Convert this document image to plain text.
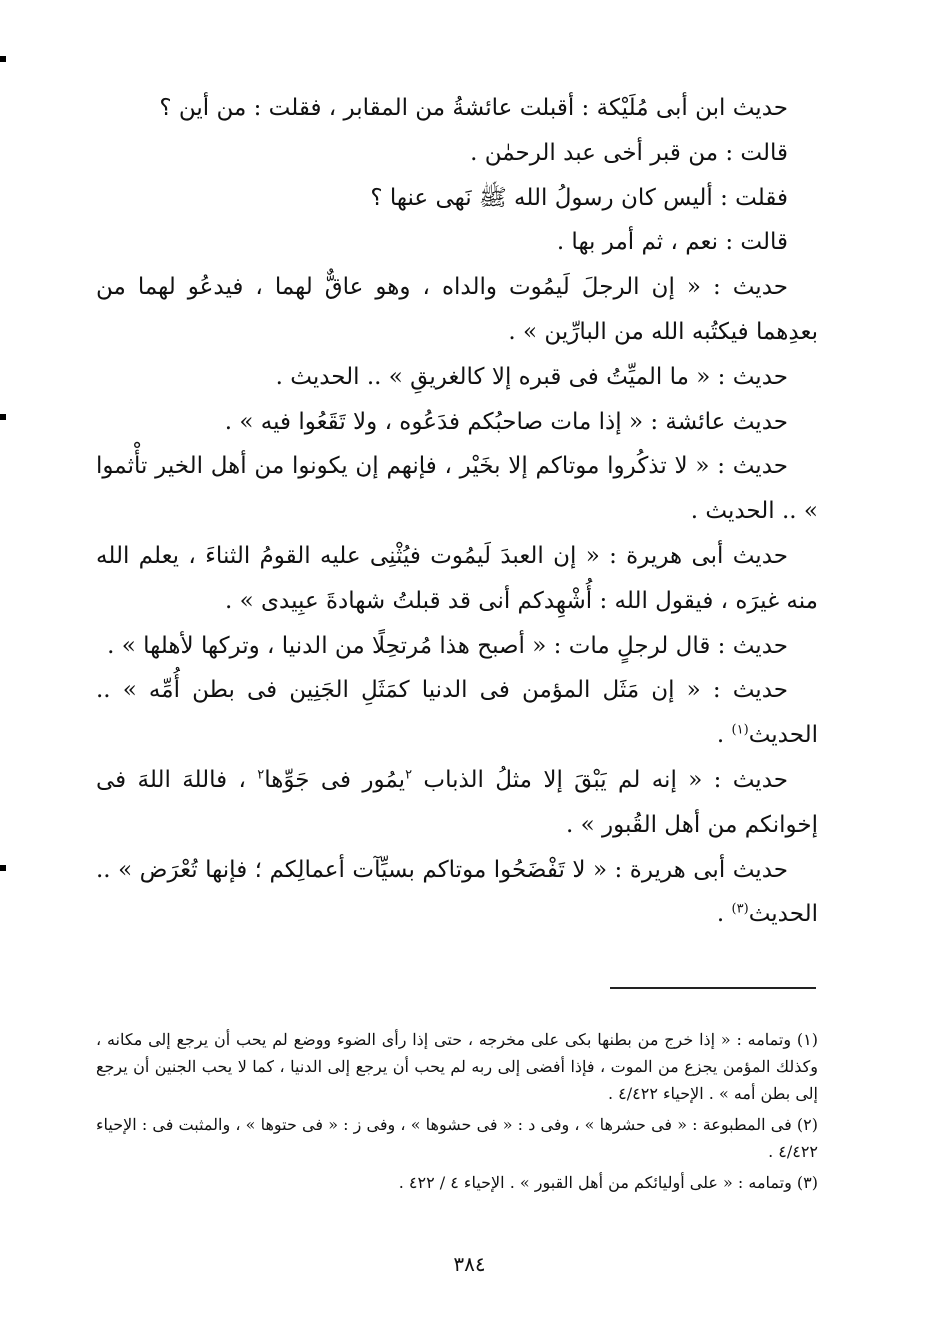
حديث ابن أبى مُلَيْكة : أقبلت عائشةُ من المقابر ، فقلت : من أين ؟

قالت : من قبر أخى عبد الرحمٰن .

فقلت : أليس كان رسولُ الله ﷺ نَهى عنها ؟

قالت : نعم ، ثم أمر بها .

حديث : « إن الرجلَ لَيمُوت والداه ، وهو عاقٌّ لهما ، فيدعُو لهما من بعدِهما فيكتُبه الله من البارِّين » .

حديث : « ما الميِّتُ فى قبره إلا كالغريقِ » .. الحديث .

حديث عائشة : « إذا مات صاحبُكم فدَعُوه ، ولا تَقَعُوا فيه » .

حديث : « لا تذكُروا موتاكم إلا بخَيْر ، فإنهم إن يكونوا من أهل الخير تأْثموا » .. الحديث .

حديث أبى هريرة : « إن العبدَ لَيمُوت فيُثْنِى عليه القومُ الثناءَ ، يعلم الله منه غيرَه ، فيقول الله : أُشْهِدكم أنى قد قبلتُ شهادةَ عبِيدى » .

حديث : قال لرجلٍ مات : « أصبح هذا مُرتحِلًا من الدنيا ، وتركها لأهلها » .

حديث : « إن مَثَل المؤمن فى الدنيا كمَثَلِ الجَنِين فى بطن أُمِّه » .. الحديث$^{(١)}$ .

حديث : « إنه لم يَبْقَ إلا مثلُ الذباب $^٢$يمُور فى جَوِّها$^٢$ ، فاللهَ اللهَ فى إخوانكم من أهل القُبور » .

حديث أبى هريرة : « لا تَفْضَحُوا موتاكم بسيِّآت أعمالِكم ؛ فإنها تُعْرَض » .. الحديث$^{(٣)}$ .

(١) وتمامه : « إذا خرج من بطنها بكى على مخرجه ، حتى إذا رأى الضوء ووضع لم يحب أن يرجع إلى مكانه ، وكذلك المؤمن يجزع من الموت ، فإذا أفضى إلى ربه لم يحب أن يرجع إلى الدنيا ، كما لا يحب الجنين أن يرجع إلى بطن أمه » . الإحياء ٤/٤٢٢ .

(٢) فى المطبوعة : « فى حشرها » ، وفى د : « فى حشوها » ، وفى ز : « فى حتوها » ، والمثبت فى : الإحياء ٤/٤٢٢ .

(٣) وتمامه : « على أوليائكم من أهل القبور » . الإحياء ٤ / ٤٢٢ .

٣٨٤
